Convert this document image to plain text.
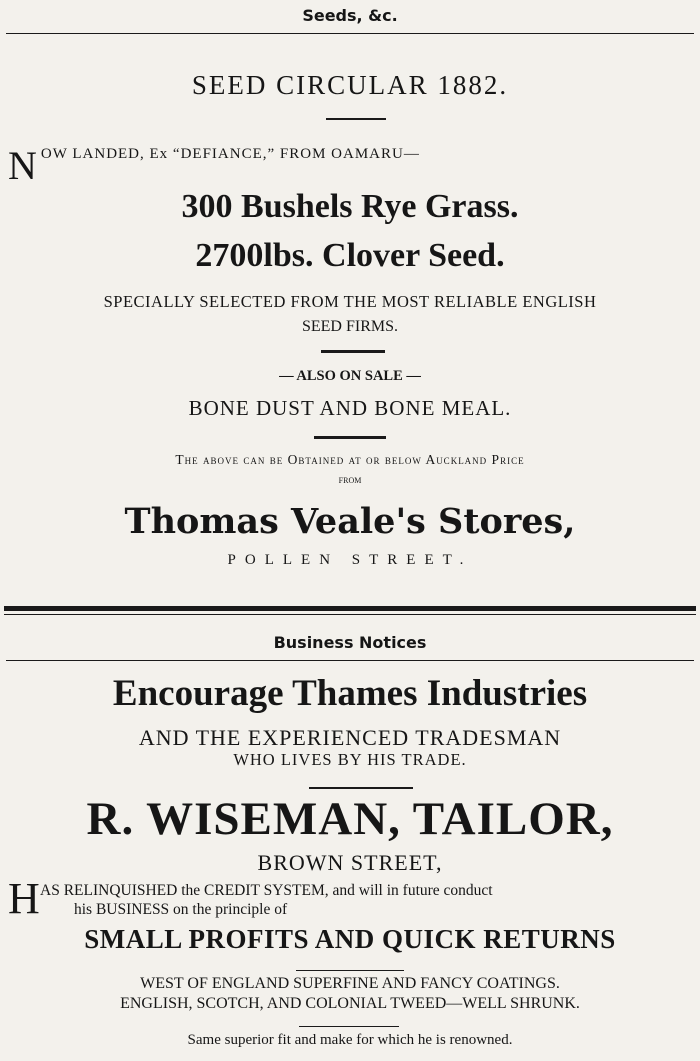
Seeds, &c.
SEED CIRCULAR 1882.
N OW LANDED, Ex “DEFIANCE,” FROM OAMARU—
300 Bushels Rye Grass.
2700lbs. Clover Seed.
SPECIALLY SELECTED FROM THE MOST RELIABLE ENGLISH
SEED FIRMS.
— ALSO ON SALE —
BONE DUST AND BONE MEAL.
The above can be Obtained at or below Auckland Price
from
Thomas Veale's Stores,
POLLEN STREET.
Business Notices
Encourage Thames Industries
AND THE EXPERIENCED TRADESMAN
WHO LIVES BY HIS TRADE.
R. WISEMAN, TAILOR,
BROWN STREET,
H AS RELINQUISHED the CREDIT SYSTEM, and will in future conduct
his BUSINESS on the principle of
SMALL PROFITS AND QUICK RETURNS
WEST OF ENGLAND SUPERFINE AND FANCY COATINGS.
ENGLISH, SCOTCH, AND COLONIAL TWEED—WELL SHRUNK.
Same superior fit and make for which he is renowned.
